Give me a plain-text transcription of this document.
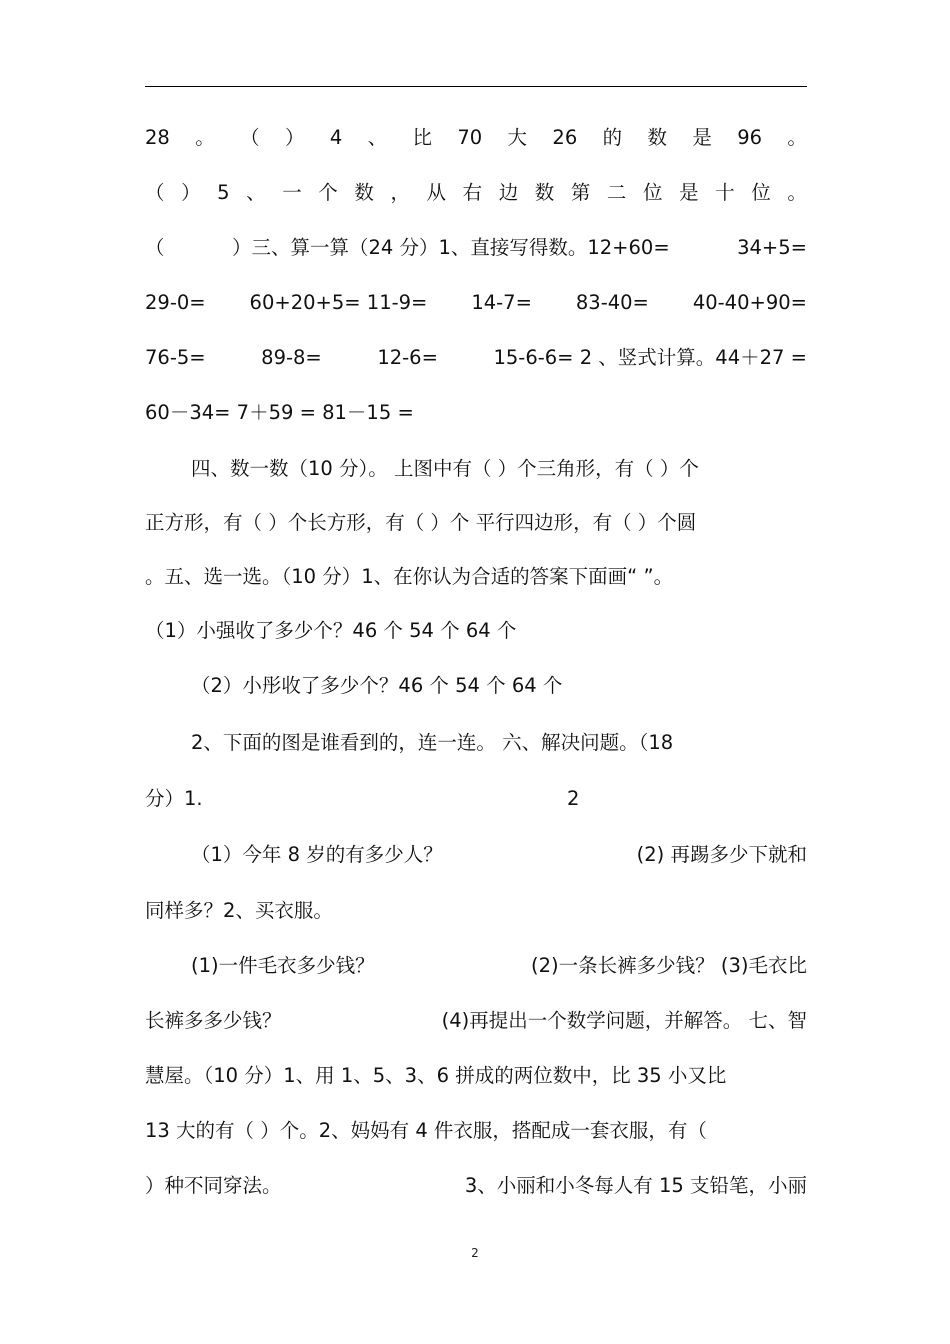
28 。 （ ） 4 、 比 70 大 26 的 数 是 96 。
（ ） 5 、 一 个 数 ， 从 右 边 数 第 二 位 是 十 位 。
（	）三、算一算（24 分）1、直接写得数。12+60=	34+5=
29-0= 60+20+5= 11-9= 14-7= 83-40= 40-40+90=
76-5=	89-8=	12-6=	15-6-6= 2 、竖式计算。44＋27 =
60－34= 7＋59 = 81－15 =
四、数一数（10 分）。 上图中有（ ）个三角形，有（ ）个
正方形，有（ ）个长方形，有（ ）个 平行四边形，有（ ）个圆
。五、选一选。（10 分）1、在你认为合适的答案下面画“ ”。
（1）小强收了多少个？46 个 54 个 64 个
（2）小彤收了多少个？46 个 54 个 64 个
2、下面的图是谁看到的，连一连。 六、解决问题。（18
分）1.	2
（1）今年 8 岁的有多少人？	(2) 再踢多少下就和
同样多？2、买衣服。
(1)一件毛衣多少钱？	(2)一条长裤多少钱？ (3)毛衣比
长裤多多少钱？	(4)再提出一个数学问题，并解答。 七、智
慧屋。（10 分）1、用 1、5、3、6 拼成的两位数中，比 35 小又比
13 大的有（ ）个。2、妈妈有 4 件衣服，搭配成一套衣服，有（
）种不同穿法。	3、小丽和小冬每人有 15 支铅笔，小丽
2
